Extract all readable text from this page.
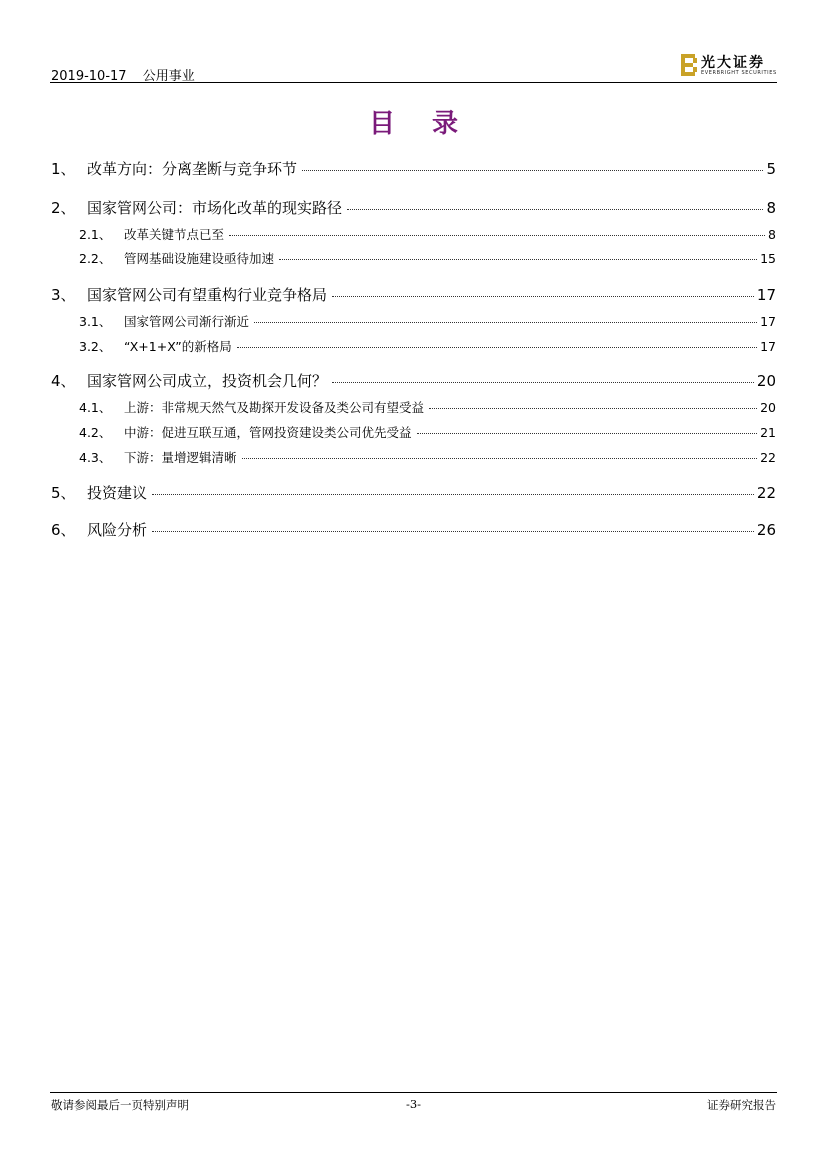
2019-10-17 公用事业
光大证券
EVERBRIGHT SECURITIES
目 录
1、 改革方向：分离垄断与竞争环节	5
2、 国家管网公司：市场化改革的现实路径	8
2.1、	改革关键节点已至	8
2.2、	管网基础设施建设亟待加速	15
3、 国家管网公司有望重构行业竞争格局	17
3.1、	国家管网公司渐行渐近	17
3.2、	“X+1+X”的新格局	17
4、 国家管网公司成立，投资机会几何？	20
4.1、	上游：非常规天然气及勘探开发设备及类公司有望受益	20
4.2、	中游：促进互联互通，管网投资建设类公司优先受益	21
4.3、	下游：量增逻辑清晰	22
5、 投资建议	22
6、 风险分析	26
敬请参阅最后一页特别声明	-3-	证券研究报告
